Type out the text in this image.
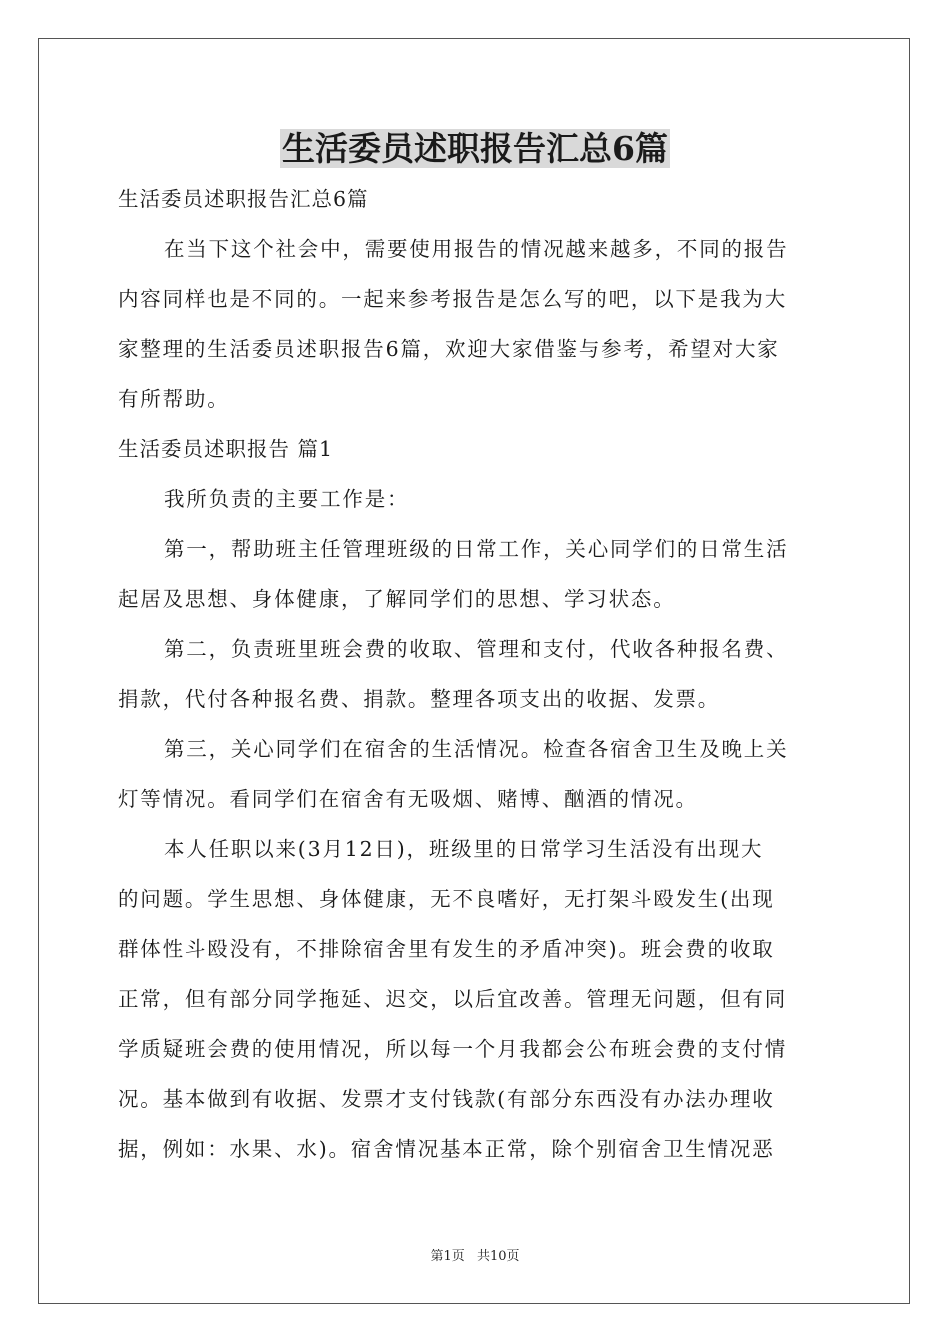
生活委员述职报告汇总6篇

生活委员述职报告汇总6篇

在当下这个社会中，需要使用报告的情况越来越多，不同的报告

内容同样也是不同的。一起来参考报告是怎么写的吧，以下是我为大

家整理的生活委员述职报告6篇，欢迎大家借鉴与参考，希望对大家

有所帮助。

生活委员述职报告 篇1

我所负责的主要工作是：

第一，帮助班主任管理班级的日常工作，关心同学们的日常生活

起居及思想、身体健康，了解同学们的思想、学习状态。

第二，负责班里班会费的收取、管理和支付，代收各种报名费、

捐款，代付各种报名费、捐款。整理各项支出的收据、发票。

第三，关心同学们在宿舍的生活情况。检查各宿舍卫生及晚上关

灯等情况。看同学们在宿舍有无吸烟、赌博、酗酒的情况。

本人任职以来(3月12日)，班级里的日常学习生活没有出现大

的问题。学生思想、身体健康，无不良嗜好，无打架斗殴发生(出现

群体性斗殴没有，不排除宿舍里有发生的矛盾冲突)。班会费的收取

正常，但有部分同学拖延、迟交，以后宜改善。管理无问题，但有同

学质疑班会费的使用情况，所以每一个月我都会公布班会费的支付情

况。基本做到有收据、发票才支付钱款(有部分东西没有办法办理收

据，例如：水果、水)。宿舍情况基本正常，除个别宿舍卫生情况恶

第1页 共10页
